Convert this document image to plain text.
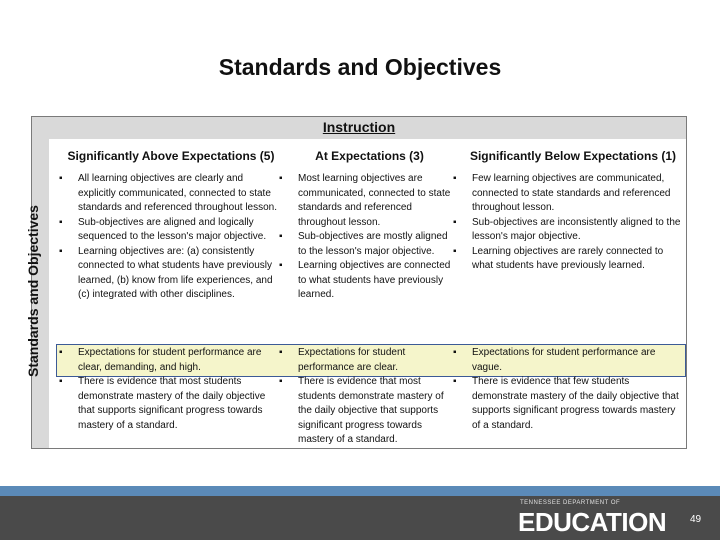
Standards and Objectives
Instruction
Standards and Objectives
Significantly Above Expectations (5)
▪ All learning objectives are clearly and explicitly communicated, connected to state standards and referenced throughout lesson.
▪ Sub-objectives are aligned and logically sequenced to the lesson's major objective.
▪ Learning objectives are: (a) consistently connected to what students have previously learned, (b) know from life experiences, and (c) integrated with other disciplines.
▪ Expectations for student performance are clear, demanding, and high.
▪ There is evidence that most students demonstrate mastery of the daily objective that supports significant progress towards mastery of a standard.
At Expectations (3)
▪ Most learning objectives are communicated, connected to state standards and referenced throughout lesson.
▪ Sub-objectives are mostly aligned to the lesson's major objective.
▪ Learning objectives are connected to what students have previously learned.
▪ Expectations for student performance are clear.
▪ There is evidence that most students demonstrate mastery of the daily objective that supports significant progress towards mastery of a standard.
Significantly Below Expectations (1)
▪ Few learning objectives are communicated, connected to state standards and referenced throughout lesson.
▪ Sub-objectives are inconsistently aligned to the lesson's major objective.
▪ Learning objectives are rarely connected to what students have previously learned.
▪ Expectations for student performance are vague.
▪ There is evidence that few students demonstrate mastery of the daily objective that supports significant progress towards mastery of a standard.
TENNESSEE DEPARTMENT OF
EDUCATION 49
